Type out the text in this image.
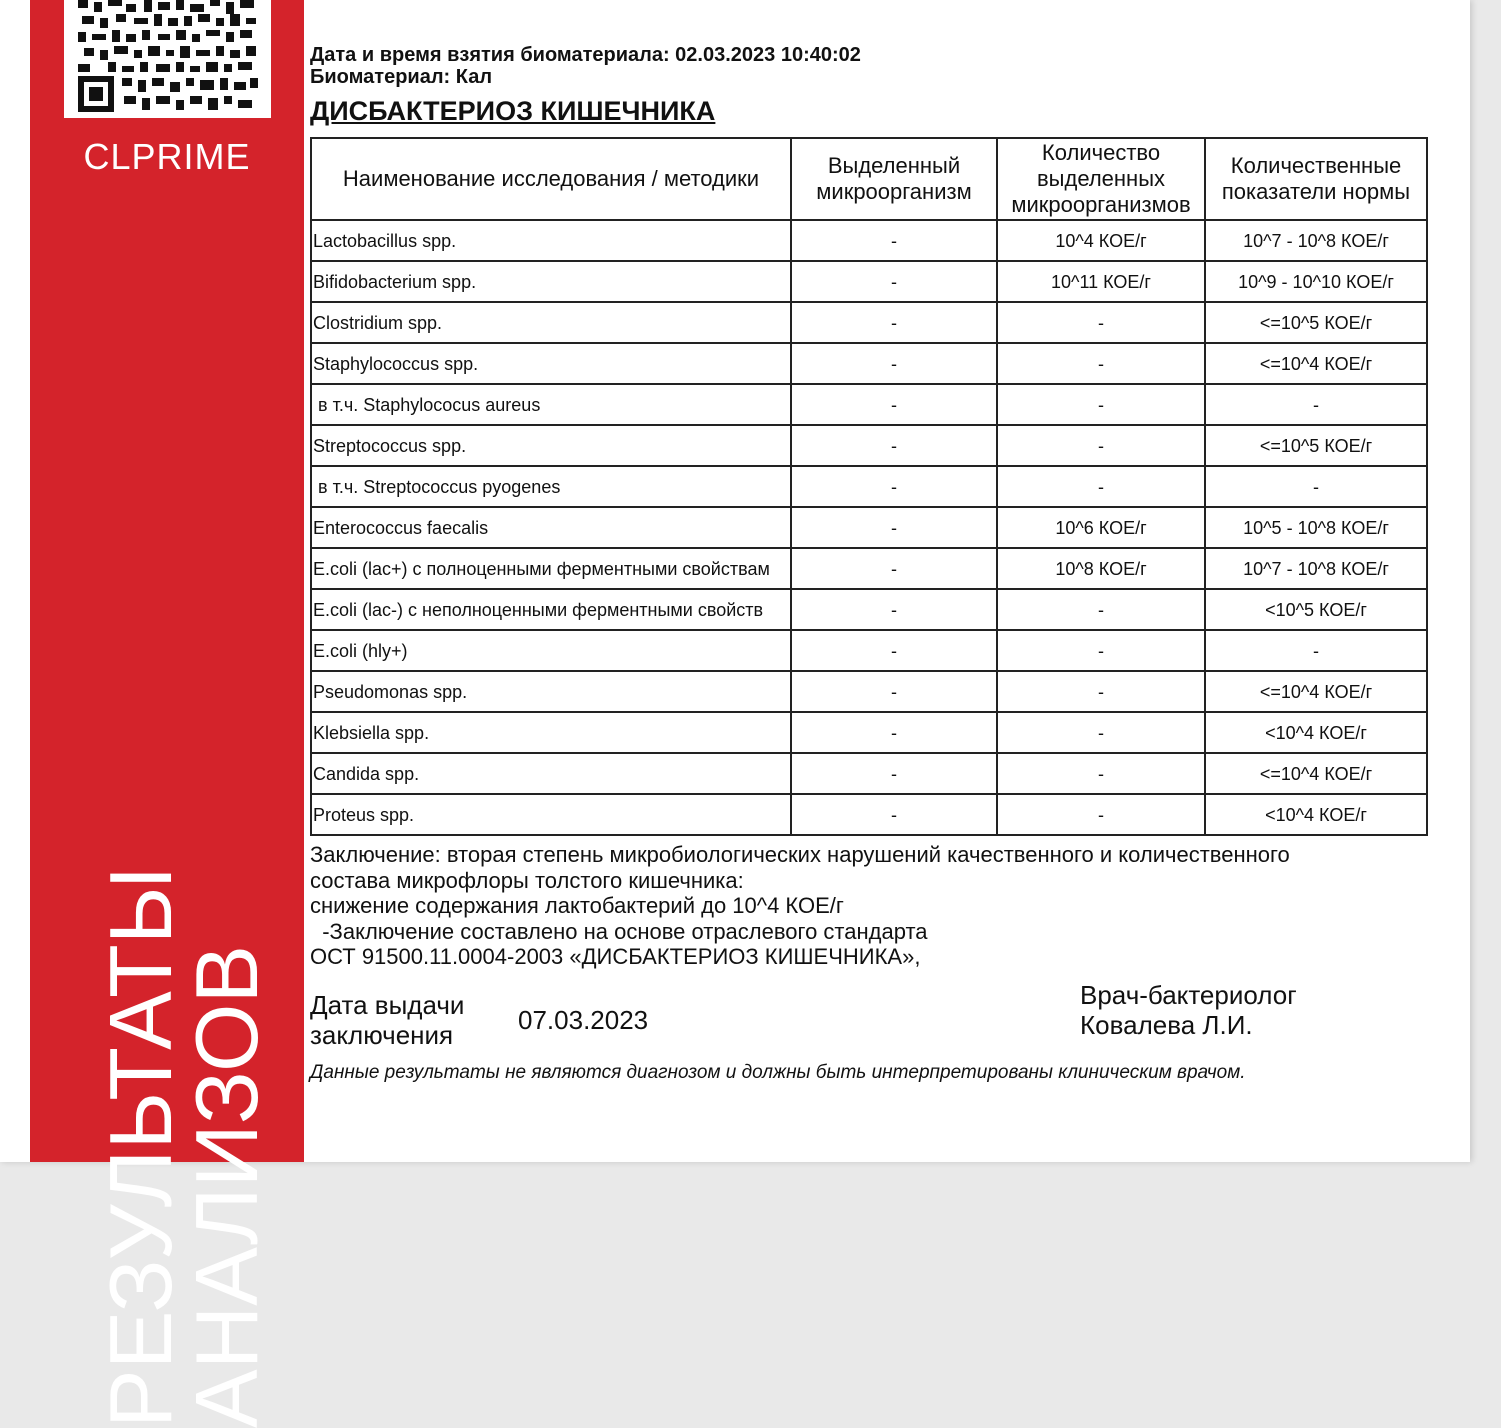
CLPRIME
РЕЗУЛЬТАТЫ
АНАЛИЗОВ
Дата и время взятия биоматериала: 02.03.2023 10:40:02
Биоматериал: Кал
ДИСБАКТЕРИОЗ КИШЕЧНИКА
Наименование исследования / методики	Выделенный микроорганизм	Количество выделенных микроорганизмов	Количественные показатели нормы
Lactobacillus spp.	-	10^4 КОЕ/г	10^7 - 10^8 КОЕ/г
Bifidobacterium spp.	-	10^11 КОЕ/г	10^9 - 10^10 КОЕ/г
Clostridium spp.	-	-	<=10^5 КОЕ/г
Staphylococcus spp.	-	-	<=10^4 КОЕ/г
в т.ч. Staphylococus aureus	-	-	-
Streptococcus spp.	-	-	<=10^5 КОЕ/г
в т.ч. Streptococcus pyogenes	-	-	-
Enterococcus faecalis	-	10^6 КОЕ/г	10^5 - 10^8 КОЕ/г
E.coli (lac+) с полноценными ферментными свойствам	-	10^8 КОЕ/г	10^7 - 10^8 КОЕ/г
E.coli (lac-) с неполноценными ферментными свойств	-	-	<10^5 КОЕ/г
E.coli (hly+)	-	-	-
Pseudomonas spp.	-	-	<=10^4 КОЕ/г
Klebsiella spp.	-	-	<10^4 КОЕ/г
Candida spp.	-	-	<=10^4 КОЕ/г
Proteus spp.	-	-	<10^4 КОЕ/г
Заключение: вторая степень микробиологических нарушений качественного и количественного
состава микрофлоры толстого кишечника:
снижение содержания лактобактерий до 10^4 КОЕ/г
-Заключение составлено на основе отраслевого стандарта
ОСТ 91500.11.0004-2003 «ДИСБАКТЕРИОЗ КИШЕЧНИКА»,
Дата выдачи
заключения	07.03.2023
Врач-бактериолог
Ковалева Л.И.
Данные результаты не являются диагнозом и должны быть интерпретированы клиническим врачом.
